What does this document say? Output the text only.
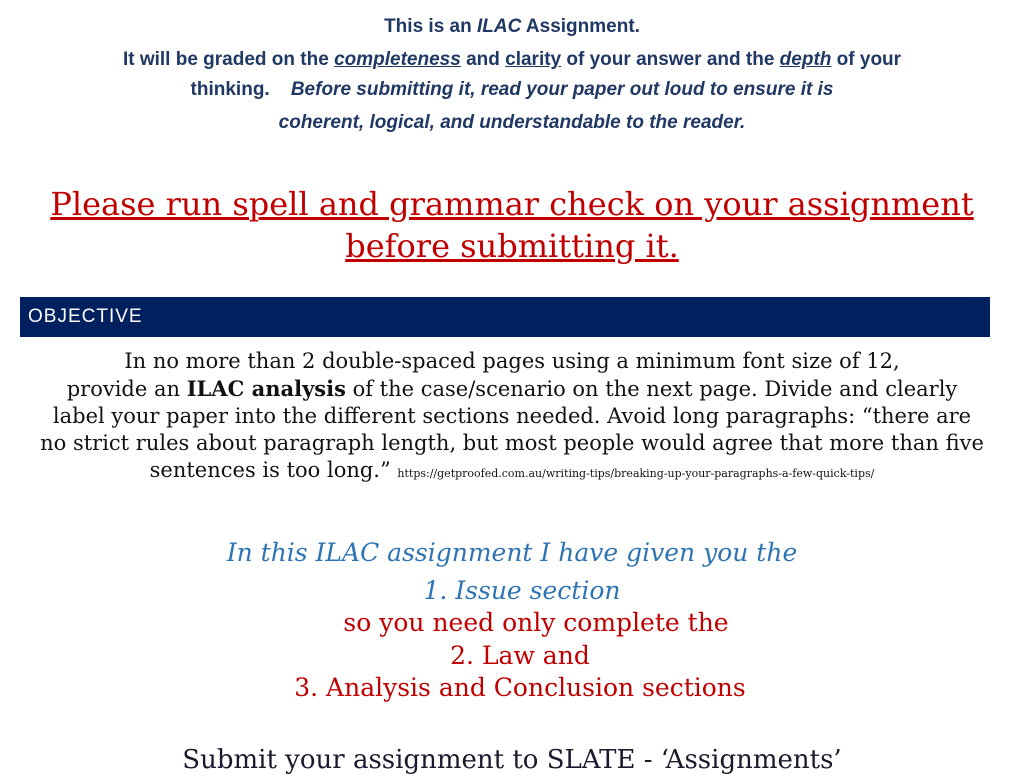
This is an ILAC Assignment.
It will be graded on the completeness and clarity of your answer and the depth of your
thinking. Before submitting it, read your paper out loud to ensure it is
coherent, logical, and understandable to the reader.
Please run spell and grammar check on your assignment
before submitting it.
OBJECTIVE
In no more than 2 double-spaced pages using a minimum font size of 12,
provide an ILAC analysis of the case/scenario on the next page. Divide and clearly
label your paper into the different sections needed. Avoid long paragraphs: “there are
no strict rules about paragraph length, but most people would agree that more than five
sentences is too long.” https://getproofed.com.au/writing-tips/breaking-up-your-paragraphs-a-few-quick-tips/
In this ILAC assignment I have given you the
1. Issue section
so you need only complete the
2. Law and
3. Analysis and Conclusion sections
Submit your assignment to SLATE - ‘Assignments’
